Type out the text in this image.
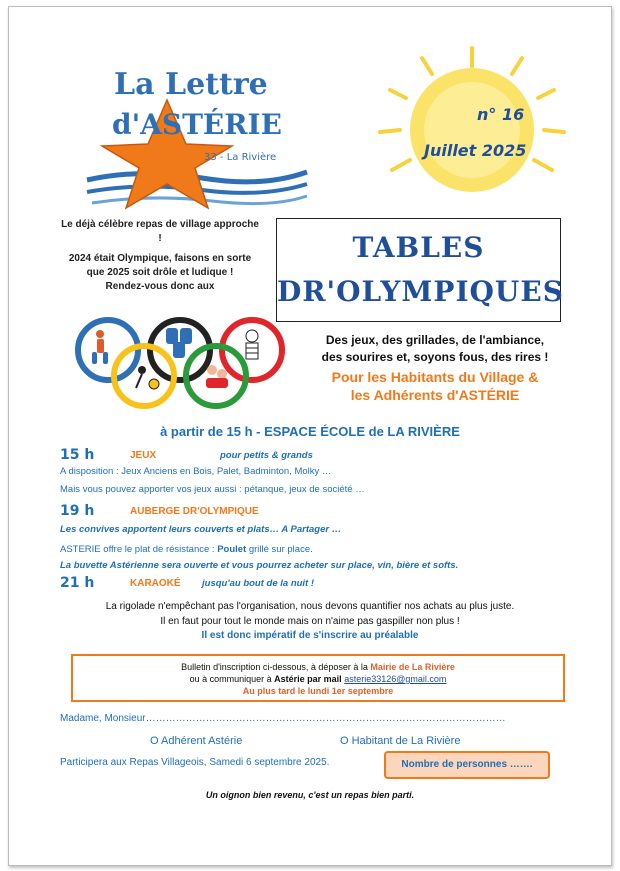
La Lettre
d'ASTÉRIE
33 - La Rivière
n° 16
Juillet 2025

Le déjà célèbre repas de village approche !

2024 était Olympique, faisons en sorte que 2025 soit drôle et ludique !

Rendez-vous donc aux

TABLES
DR'OLYMPIQUES
Des jeux, des grillades, de l'ambiance,
des sourires et, soyons fous, des rires !
Pour les Habitants du Village &
les Adhérents d'ASTÉRIE
à partir de 15 h - ESPACE ÉCOLE de LA RIVIÈRE
15 h	JEUX	pour petits & grands
A disposition : Jeux Anciens en Bois, Palet, Badminton, Molky …
Mais vous pouvez apporter vos jeux aussi : pétanque, jeux de société …
19 h	AUBERGE DR'OLYMPIQUE
Les convives apportent leurs couverts et plats… A Partager …
ASTERIE offre le plat de résistance : Poulet grillé sur place.
La buvette Astérienne sera ouverte et vous pourrez acheter sur place, vin, bière et softs.
21 h	KARAOKÉ jusqu'au bout de la nuit !
La rigolade n'empêchant pas l'organisation, nous devons quantifier nos achats au plus juste.
Il en faut pour tout le monde mais on n'aime pas gaspiller non plus !
Il est donc impératif de s'inscrire au préalable
Bulletin d'inscription ci-dessous, à déposer à la Mairie de La Rivière
ou à communiquer à Astérie par mail asterie33126@gmail.com
Au plus tard le lundi 1er septembre
Madame, Monsieur………………………………………………………………………………………………
O Adhérent Astérie	O Habitant de La Rivière
Participera aux Repas Villageois, Samedi 6 septembre 2025.	Nombre de personnes …….
Un oignon bien revenu, c'est un repas bien parti.
